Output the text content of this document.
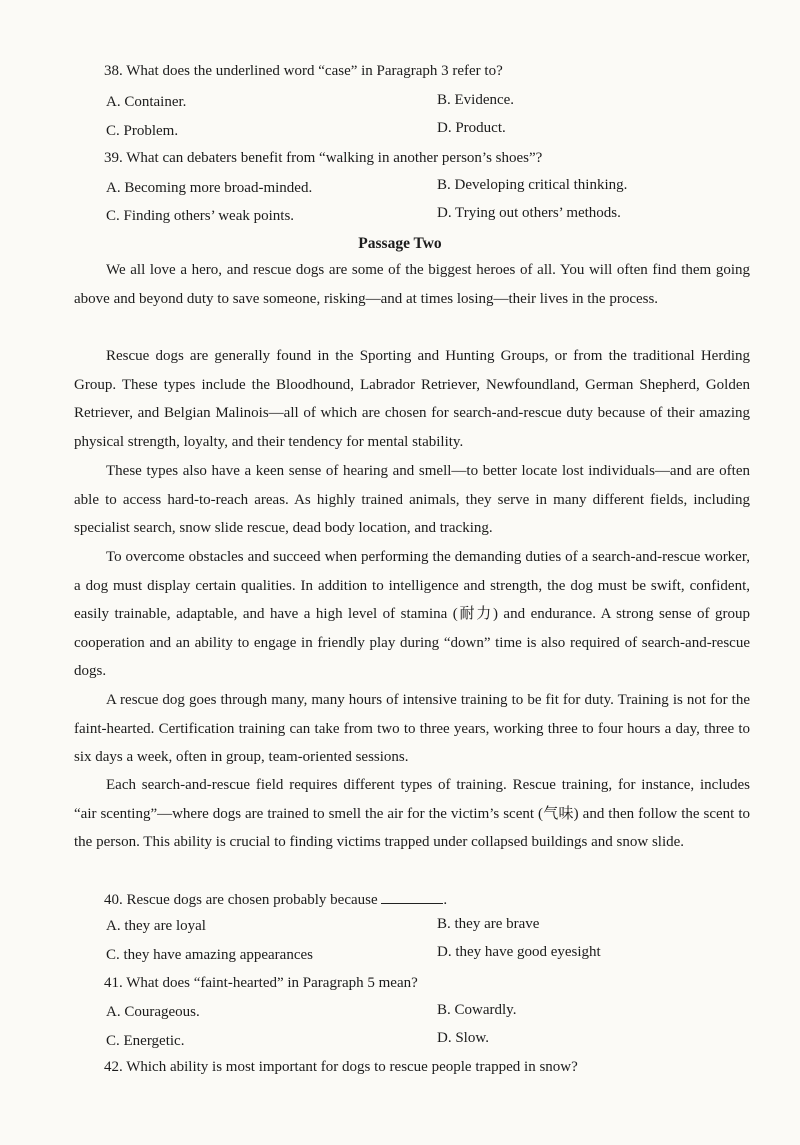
38. What does the underlined word “case” in Paragraph 3 refer to?
A. Container.	B. Evidence.
C. Problem.	D. Product.
39. What can debaters benefit from “walking in another person’s shoes”?
A. Becoming more broad-minded.	B. Developing critical thinking.
C. Finding others’ weak points.	D. Trying out others’ methods.
Passage Two

We all love a hero, and rescue dogs are some of the biggest heroes of all. You will often find them going above and beyond duty to save someone, risking—and at times losing—their lives in the process.

Rescue dogs are generally found in the Sporting and Hunting Groups, or from the traditional Herding Group. These types include the Bloodhound, Labrador Retriever, Newfoundland, German Shepherd, Golden Retriever, and Belgian Malinois—all of which are chosen for search-and-rescue duty because of their amazing physical strength, loyalty, and their tendency for mental stability.

These types also have a keen sense of hearing and smell—to better locate lost individuals—and are often able to access hard-to-reach areas. As highly trained animals, they serve in many different fields, including specialist search, snow slide rescue, dead body location, and tracking.

To overcome obstacles and succeed when performing the demanding duties of a search-and-rescue worker, a dog must display certain qualities. In addition to intelligence and strength, the dog must be swift, confident, easily trainable, adaptable, and have a high level of stamina (耐力) and endurance. A strong sense of group cooperation and an ability to engage in friendly play during “down” time is also required of search-and-rescue dogs.

A rescue dog goes through many, many hours of intensive training to be fit for duty. Training is not for the faint-hearted. Certification training can take from two to three years, working three to four hours a day, three to six days a week, often in group, team-oriented sessions.

Each search-and-rescue field requires different types of training. Rescue training, for instance, includes “air scenting”—where dogs are trained to smell the air for the victim’s scent (气味) and then follow the scent to the person. This ability is crucial to finding victims trapped under collapsed buildings and snow slide.

40. Rescue dogs are chosen probably because	.
A. they are loyal	B. they are brave
C. they have amazing appearances	D. they have good eyesight
41. What does “faint-hearted” in Paragraph 5 mean?
A. Courageous.	B. Cowardly.
C. Energetic.	D. Slow.
42. Which ability is most important for dogs to rescue people trapped in snow?
